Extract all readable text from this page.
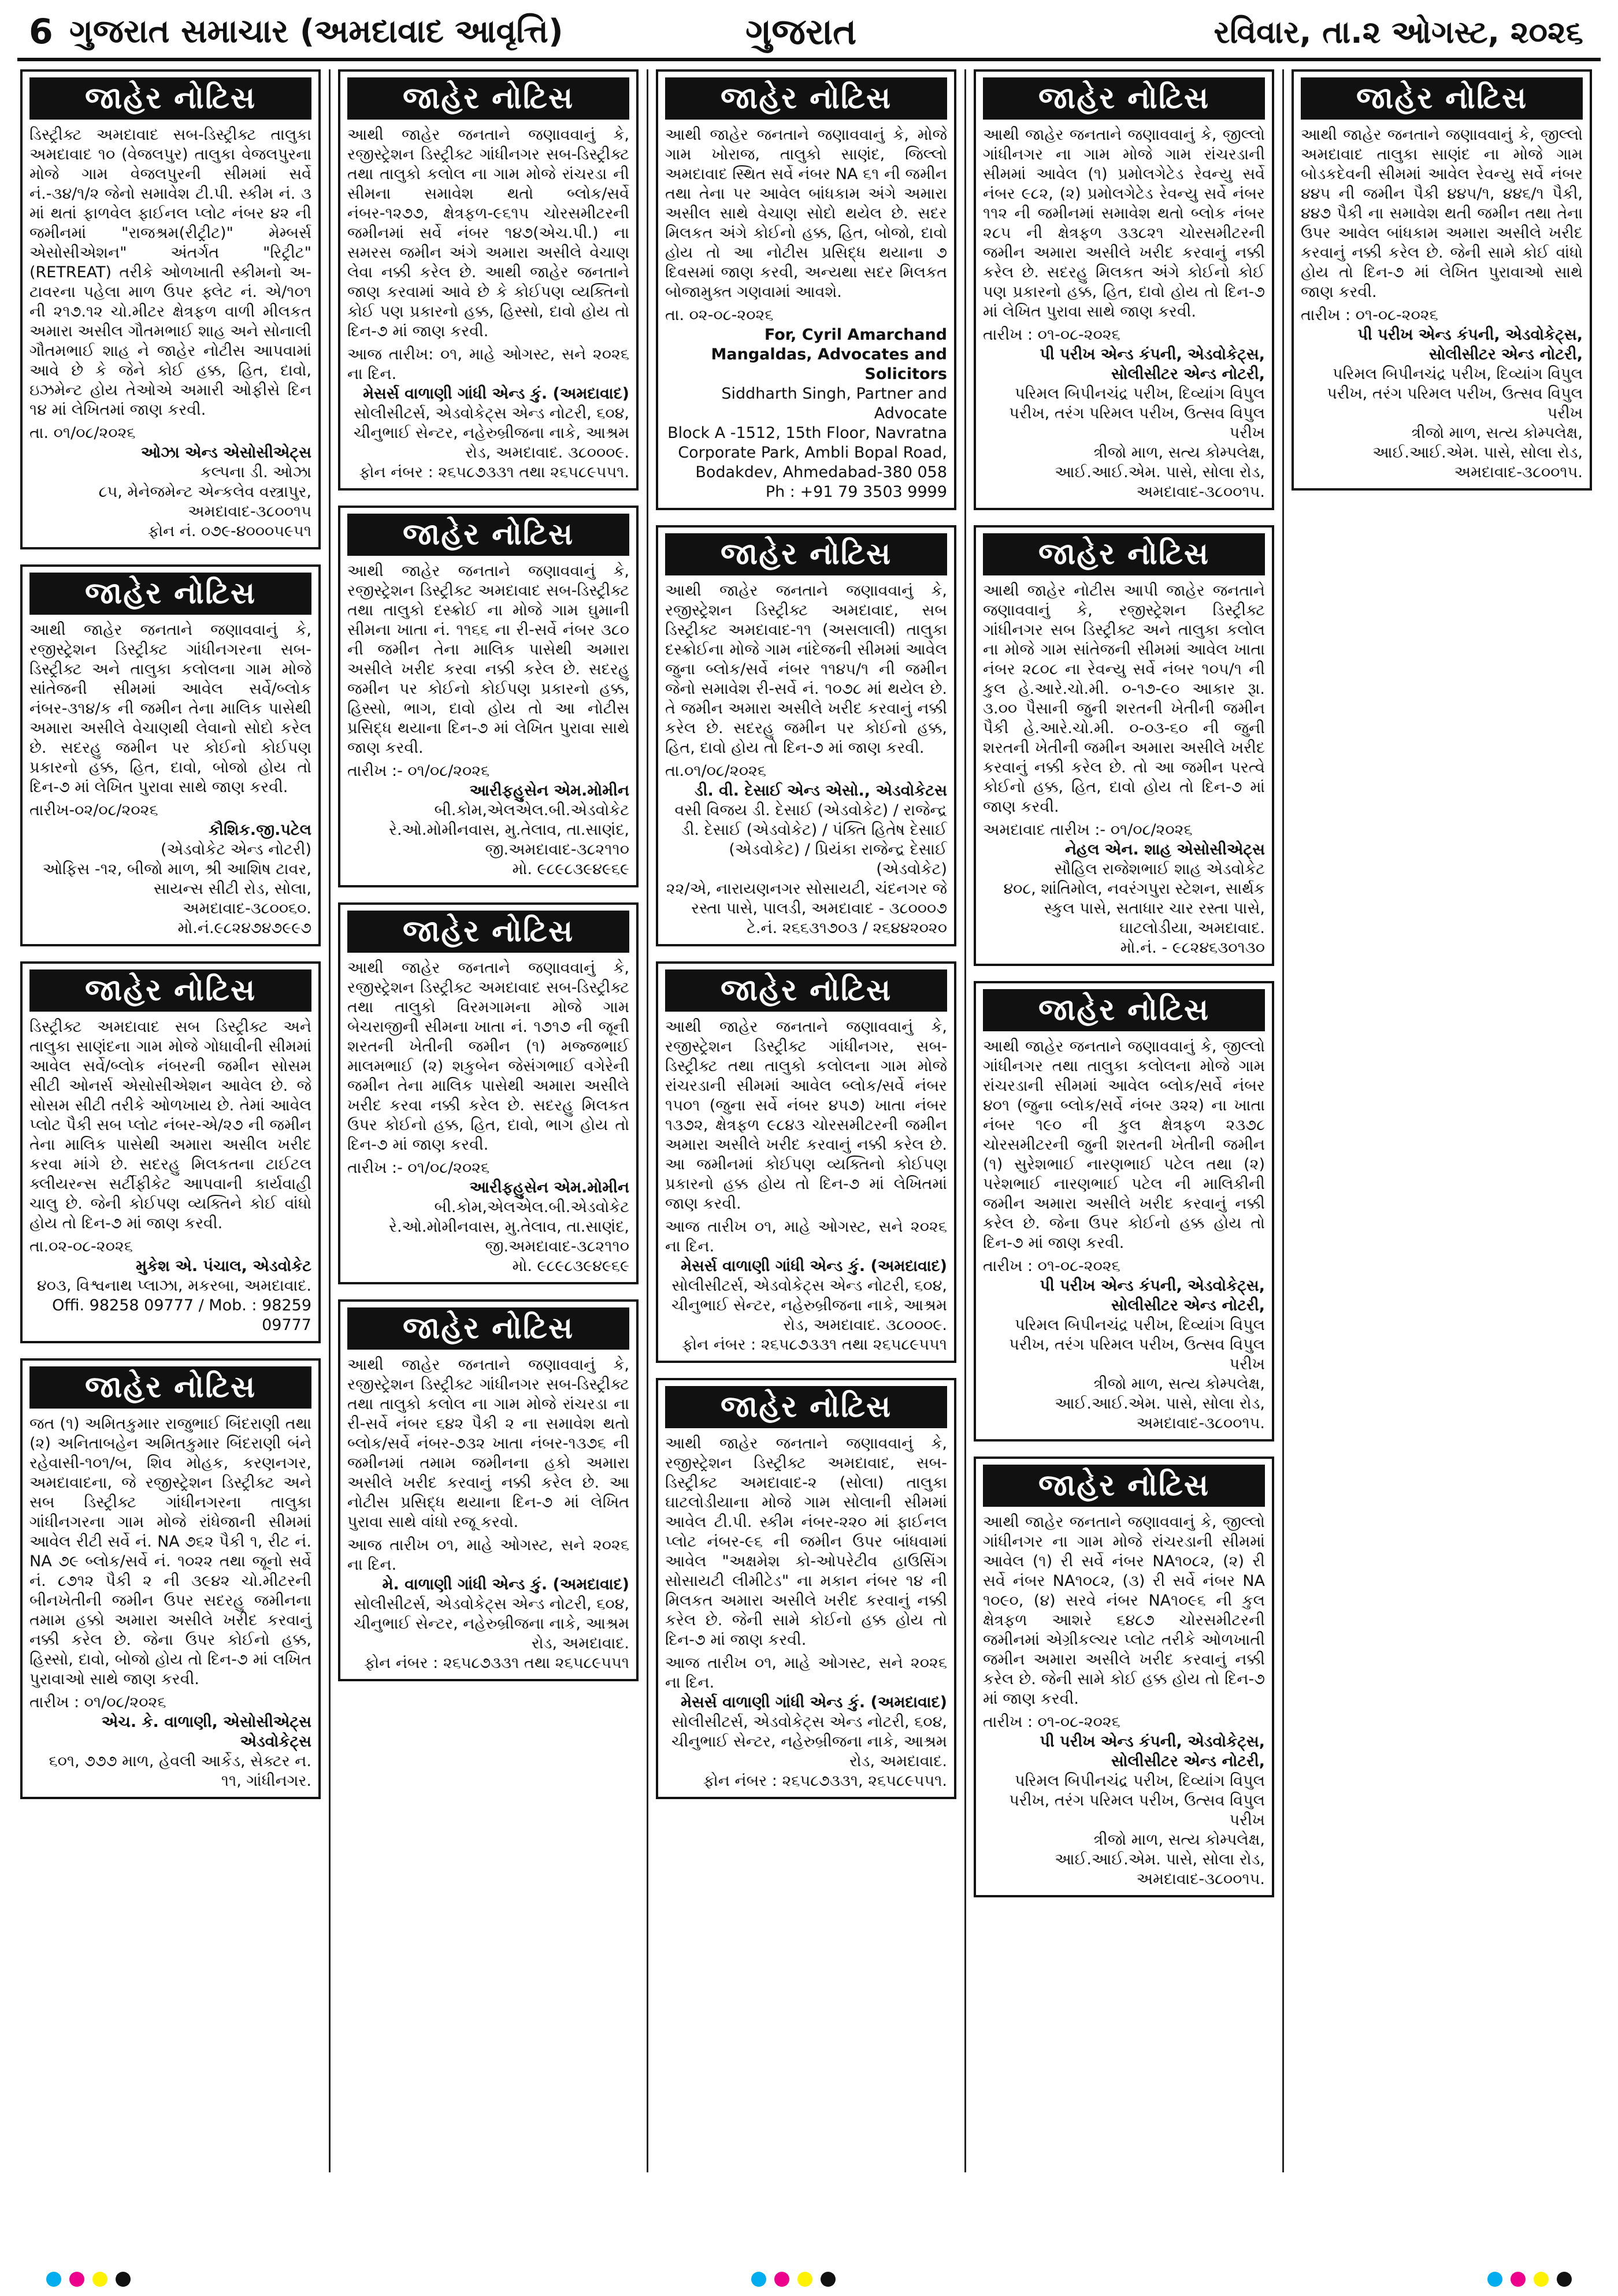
6 ગુજરાત સમાચાર (અમદાવાદ આવૃત્તિ)	ગુજરાત	રવિવાર, તા.૨ ઓગસ્ટ, ૨૦૨૬
જાહેર નોટિસ

ડિસ્ટ્રીક્ટ અમદાવાદ સબ-ડિસ્ટ્રીક્ટ તાલુકા અમદાવાદ ૧૦ (વેજલપુર) તાલુકા વેજલપુરના મોજે ગામ વેજલપુરની સીમમાં સર્વે નં.-૩૪/૧/૨ જેનો સમાવેશ ટી.પી. સ્કીમ નં. ૩ માં થતાં ફાળવેલ ફાઈનલ પ્લોટ નંબર ૪૨ ની જમીનમાં "રાજશ્રમ(રીટ્રીટ)" મેમ્બર્સ એસોસીએશન" અંતર્ગત "રિટ્રીટ" (RETREAT) તરીકે ઓળખાતી સ્કીમનો અ-ટાવરના પહેલા માળ ઉપર ફ્લેટ નં. એ/૧૦૧ ની ૨૧૭.૧૨ ચો.મીટર ક્ષેત્રફળ વાળી મીલકત અમારા અસીલ ગૌતમભાઈ શાહ અને સોનાલી ગૌતમભાઈ શાહ ને જાહેર નોટીસ આપવામાં આવે છે કે જેને કોઈ હક્ક, હિત, દાવો, ઇઝમેન્ટ હોય તેઓએ અમારી ઓફીસે દિન ૧૪ માં લેખિતમાં જાણ કરવી.

તા. ૦૧/૦૮/૨૦૨૬

ઓઝા એન્ડ એસોસીએટ્સ

કલ્પના ડી. ઓઝા

૮૫, મેનેજમેન્ટ એન્કલેવ વસ્ત્રાપુર, અમદાવાદ-૩૮૦૦૧૫

ફોન નં. ૦૭૯-૪૦૦૦૫૯૫૧

જાહેર નોટિસ

આથી જાહેર જનતાને જણાવવાનું કે, રજીસ્ટ્રેશન ડિસ્ટ્રીક્ટ ગાંધીનગરના સબ-ડિસ્ટ્રીક્ટ અને તાલુકા કલોલના ગામ મોજે સાંતેજની સીમમાં આવેલ સર્વે/બ્લોક નંબર-૩૧૪/ક ની જમીન તેના માલિક પાસેથી અમારા અસીલે વેચાણથી લેવાનો સોદો કરેલ છે. સદરહુ જમીન પર કોઈનો કોઈપણ પ્રકારનો હક્ક, હિત, દાવો, બોજો હોય તો દિન-૭ માં લેખિત પુરાવા સાથે જાણ કરવી.

તારીખ-૦૨/૦૮/૨૦૨૬

કૌશિક.જી.પટેલ

(એડવોકેટ એન્ડ નોટરી)

ઓફિસ -૧૨, બીજો માળ, શ્રી આશિષ ટાવર, સાયન્સ સીટી રોડ, સોલા, અમદાવાદ-૩૮૦૦૬૦.

મો.નં.૯૮૨૪૭૪૭૯૯૭

જાહેર નોટિસ

ડિસ્ટ્રીક્ટ અમદાવાદ સબ ડિસ્ટ્રીક્ટ અને તાલુકા સાણંદના ગામ મોજે ગોધાવીની સીમમાં આવેલ સર્વે/બ્લોક નંબરની જમીન સોસમ સીટી ઓનર્સ એસોસીએશન આવેલ છે. જે સોસમ સીટી તરીકે ઓળખાય છે. તેમાં આવેલ પ્લોટ પૈકી સબ પ્લોટ નંબર-એ/૨૭ ની જમીન તેના માલિક પાસેથી અમારા અસીલ ખરીદ કરવા માંગે છે. સદરહુ મિલકતના ટાઈટલ ક્લીયરન્સ સર્ટીફીકેટ આપવાની કાર્યવાહી ચાલુ છે. જેની કોઈપણ વ્યક્તિને કોઈ વાંધો હોય તો દિન-૭ માં જાણ કરવી.

તા.૦૨-૦૮-૨૦૨૬

મુકેશ એ. પંચાલ, એડવોકેટ

૪૦૩, વિશ્વનાથ પ્લાઝા, મકરબા, અમદાવાદ.

Offi. 98258 09777 / Mob. : 98259 09777

જાહેર નોટિસ

જત (૧) અમિતકુમાર રાજુભાઈ બિંદરાણી તથા (૨) અનિતાબહેન અમિતકુમાર બિંદરાણી બંને રહેવાસી-૧૦૧/બ, શિવ મોહક, કરણનગર, અમદાવાદના, જે રજીસ્ટ્રેશન ડિસ્ટ્રીક્ટ અને સબ ડિસ્ટ્રીક્ટ ગાંધીનગરના તાલુકા ગાંધીનગરના ગામ મોજે રાંધેજાની સીમમાં આવેલ રીટી સર્વે નં. NA ૭૬૨ પૈકી ૧, રીટ નં. NA ૭૯ બ્લોક/સર્વે નં. ૧૦૨૨ તથા જૂનો સર્વે નં. ૮૭૧૨ પૈકી ૨ ની ૩૯૪૨ ચો.મીટરની બીનખેતીની જમીન ઉપર સદરહુ જમીનના તમામ હક્કો અમારા અસીલે ખરીદ કરવાનું નક્કી કરેલ છે. જેના ઉપર કોઈનો હક્ક, હિસ્સો, દાવો, બોજો હોય તો દિન-૭ માં લખિત પુરાવાઓ સાથે જાણ કરવી.

તારીખ : ૦૧/૦૮/૨૦૨૬

એચ. કે. વાળાણી, એસોસીએટ્સ એડવોકેટ્સ

૬૦૧, ૭૭૭ માળ, હેવલી આર્કેડ, સેક્ટર ન. ૧૧, ગાંધીનગર.

જાહેર નોટિસ

આથી જાહેર જનતાને જણાવવાનું કે, રજીસ્ટ્રેશન ડિસ્ટ્રીક્ટ ગાંધીનગર સબ-ડિસ્ટ્રીક્ટ તથા તાલુકો કલોલ ના ગામ મોજે રાંચરડા ની સીમના સમાવેશ થતો બ્લોક/સર્વે નંબર-૧૨૭૭, ક્ષેત્રફળ-૯૬૧૫ ચોરસમીટરની જમીનમાં સર્વે નંબર ૧૪૭(એચ.પી.) ના સમરસ જમીન અંગે અમારા અસીલે વેચાણ લેવા નક્કી કરેલ છે. આથી જાહેર જનતાને જાણ કરવામાં આવે છે કે કોઈપણ વ્યક્તિનો કોઈ પણ પ્રકારનો હક્ક, હિસ્સો, દાવો હોય તો દિન-૭ માં જાણ કરવી.

આજ તારીખ: ૦૧, માહે ઓગસ્ટ, સને ૨૦૨૬ ના દિન.

મેસર્સ વાળાણી ગાંધી એન્ડ કું. (અમદાવાદ)

સોલીસીટર્સ, એડવોકેટ્સ એન્ડ નોટરી, ૬૦૪, ચીનુભાઈ સેન્ટર, નહેરુબ્રીજના નાકે, આશ્રમ રોડ, અમદાવાદ. ૩૮૦૦૦૯.

ફોન નંબર : ૨૬૫૮૭૩૩૧ તથા ૨૬૫૮૯૫૫૧.

જાહેર નોટિસ

આથી જાહેર જનતાને જણાવવાનું કે, રજીસ્ટ્રેશન ડિસ્ટ્રીક્ટ અમદાવાદ સબ-ડિસ્ટ્રીક્ટ તથા તાલુકો દસ્ક્રોઈ ના મોજે ગામ ઘુમાની સીમના ખાતા નં. ૧૧૬૬ ના રી-સર્વે નંબર ૩૮૦ ની જમીન તેના માલિક પાસેથી અમારા અસીલે ખરીદ કરવા નક્કી કરેલ છે. સદરહુ જમીન પર કોઈનો કોઈપણ પ્રકારનો હક્ક, હિસ્સો, ભાગ, દાવો હોય તો આ નોટીસ પ્રસિદ્ધ થયાના દિન-૭ માં લેખિત પુરાવા સાથે જાણ કરવી.

તારીખ :- ૦૧/૦૮/૨૦૨૬

આરીફહુસેન એમ.મોમીન

બી.કોમ,એલએલ.બી.એડવોકેટ

રે.ઓ.મોમીનવાસ, મુ.તેલાવ, તા.સાણંદ, જી.અમદાવાદ-૩૮૨૧૧૦

મો. ૯૮૯૮૩૯૪૯૬૯

જાહેર નોટિસ

આથી જાહેર જનતાને જણાવવાનું કે, રજીસ્ટ્રેશન ડિસ્ટ્રીક્ટ અમદાવાદ સબ-ડિસ્ટ્રીક્ટ તથા તાલુકો વિરમગામના મોજે ગામ બેચરાજીની સીમના ખાતા નં. ૧૭૧૭ ની જૂની શરતની ખેતીની જમીન (૧) મજ્જભાઈ માલમભાઈ (૨) શકુબેન જેસંગભાઈ વગેરેની જમીન તેના માલિક પાસેથી અમારા અસીલે ખરીદ કરવા નક્કી કરેલ છે. સદરહુ મિલકત ઉપર કોઈનો હક્ક, હિત, દાવો, ભાગ હોય તો દિન-૭ માં જાણ કરવી.

તારીખ :- ૦૧/૦૮/૨૦૨૬

આરીફહુસેન એમ.મોમીન

બી.કોમ,એલએલ.બી.એડવોકેટ

રે.ઓ.મોમીનવાસ, મુ.તેલાવ, તા.સાણંદ, જી.અમદાવાદ-૩૮૨૧૧૦

મો. ૯૮૯૮૩૯૪૯૬૯

જાહેર નોટિસ

આથી જાહેર જનતાને જણાવવાનું કે, રજીસ્ટ્રેશન ડિસ્ટ્રીક્ટ ગાંધીનગર સબ-ડિસ્ટ્રીક્ટ તથા તાલુકો કલોલ ના ગામ મોજે રાંચરડા ના રી-સર્વે નંબર ૬૪૨ પૈકી ૨ ના સમાવેશ થતો બ્લોક/સર્વે નંબર-૭૩૨ ખાતા નંબર-૧૩૭૬ ની જમીનમાં તમામ જમીનના હકો અમારા અસીલે ખરીદ કરવાનું નક્કી કરેલ છે. આ નોટીસ પ્રસિદ્ધ થયાના દિન-૭ માં લેખિત પુરાવા સાથે વાંધો રજૂ કરવો.

આજ તારીખ ૦૧, માહે ઓગસ્ટ, સને ૨૦૨૬ ના દિન.

મે. વાળાણી ગાંધી એન્ડ કું. (અમદાવાદ)

સોલીસીટર્સ, એડવોકેટ્સ એન્ડ નોટરી, ૬૦૪, ચીનુભાઈ સેન્ટર, નહેરુબ્રીજના નાકે, આશ્રમ રોડ, અમદાવાદ.

ફોન નંબર : ૨૬૫૮૭૩૩૧ તથા ૨૬૫૮૯૫૫૧

જાહેર નોટિસ

આથી જાહેર જનતાને જણાવવાનું કે, મોજે ગામ ખોરાજ, તાલુકો સાણંદ, જિલ્લો અમદાવાદ સ્થિત સર્વે નંબર NA ૬૧ ની જમીન તથા તેના પર આવેલ બાંધકામ અંગે અમારા અસીલ સાથે વેચાણ સોદો થયેલ છે. સદર મિલકત અંગે કોઈનો હક્ક, હિત, બોજો, દાવો હોય તો આ નોટીસ પ્રસિદ્ધ થયાના ૭ દિવસમાં જાણ કરવી, અન્યથા સદર મિલકત બોજામુક્ત ગણવામાં આવશે.

તા. ૦૨-૦૮-૨૦૨૬

For, Cyril Amarchand Mangaldas, Advocates and Solicitors

Siddharth Singh, Partner and Advocate

Block A -1512, 15th Floor, Navratna Corporate Park, Ambli Bopal Road, Bodakdev, Ahmedabad-380 058

Ph : +91 79 3503 9999

જાહેર નોટિસ

આથી જાહેર જનતાને જણાવવાનું કે, રજીસ્ટ્રેશન ડિસ્ટ્રીક્ટ અમદાવાદ, સબ ડિસ્ટ્રીક્ટ અમદાવાદ-૧૧ (અસલાલી) તાલુકા દસ્ક્રોઈના મોજે ગામ નાંદેજની સીમમાં આવેલ જુના બ્લોક/સર્વે નંબર ૧૧૪૫/૧ ની જમીન જેનો સમાવેશ રી-સર્વે નં. ૧૦૭૮ માં થયેલ છે. તે જમીન અમારા અસીલે ખરીદ કરવાનું નક્કી કરેલ છે. સદરહુ જમીન પર કોઈનો હક્ક, હિત, દાવો હોય તો દિન-૭ માં જાણ કરવી.

તા.૦૧/૦૮/૨૦૨૬

ડી. વી. દેસાઈ એન્ડ એસો., એડવોકેટસ

વસી વિજય ડી. દેસાઈ (એડવોકેટ) / રાજેન્દ્ર ડી. દેસાઈ (એડવોકેટ) / પંક્તિ હિતેષ દેસાઈ (એડવોકેટ) / પ્રિયંકા રાજેન્દ્ર દેસાઈ (એડવોકેટ)

૨૨/એ, નારાયણનગર સોસાયટી, ચંદનગર જે રસ્તા પાસે, પાલડી, અમદાવાદ - ૩૮૦૦૦૭

ટે.નં. ૨૬૬૩૧૭૦૩ / ૨૬૪૪૨૦૨૦

જાહેર નોટિસ

આથી જાહેર જનતાને જણાવવાનું કે, રજીસ્ટ્રેશન ડિસ્ટ્રીક્ટ ગાંધીનગર, સબ-ડિસ્ટ્રીક્ટ તથા તાલુકો કલોલના ગામ મોજે રાંચરડાની સીમમાં આવેલ બ્લોક/સર્વે નંબર ૧૫૦૧ (જુના સર્વે નંબર ૪૫૭) ખાતા નંબર ૧૩૭૨, ક્ષેત્રફળ ૯૮૪૩ ચોરસમીટરની જમીન અમારા અસીલે ખરીદ કરવાનું નક્કી કરેલ છે. આ જમીનમાં કોઈપણ વ્યક્તિનો કોઈપણ પ્રકારનો હક્ક હોય તો દિન-૭ માં લેખિતમાં જાણ કરવી.

આજ તારીખ ૦૧, માહે ઓગસ્ટ, સને ૨૦૨૬ ના દિન.

મેસર્સ વાળાણી ગાંધી એન્ડ કું. (અમદાવાદ)

સોલીસીટર્સ, એડવોકેટ્સ એન્ડ નોટરી, ૬૦૪, ચીનુભાઈ સેન્ટર, નહેરુબ્રીજના નાકે, આશ્રમ રોડ, અમદાવાદ. ૩૮૦૦૦૯.

ફોન નંબર : ૨૬૫૮૭૩૩૧ તથા ૨૬૫૮૯૫૫૧

જાહેર નોટિસ

આથી જાહેર જનતાને જણાવવાનું કે, રજીસ્ટ્રેશન ડિસ્ટ્રીક્ટ અમદાવાદ, સબ-ડિસ્ટ્રીક્ટ અમદાવાદ-૨ (સોલા) તાલુકા ઘાટલોડીયાના મોજે ગામ સોલાની સીમમાં આવેલ ટી.પી. સ્કીમ નંબર-૨૨૦ માં ફાઈનલ પ્લોટ નંબર-૯૬ ની જમીન ઉપર બાંધવામાં આવેલ "અક્ષમેશ કો-ઓપરેટીવ હાઉસિંગ સોસાયટી લીમીટેડ" ના મકાન નંબર ૧૪ ની મિલકત અમારા અસીલે ખરીદ કરવાનું નક્કી કરેલ છે. જેની સામે કોઈનો હક્ક હોય તો દિન-૭ માં જાણ કરવી.

આજ તારીખ ૦૧, માહે ઓગસ્ટ, સને ૨૦૨૬ ના દિન.

મેસર્સ વાળાણી ગાંધી એન્ડ કું. (અમદાવાદ)

સોલીસીટર્સ, એડવોકેટ્સ એન્ડ નોટરી, ૬૦૪, ચીનુભાઈ સેન્ટર, નહેરુબ્રીજના નાકે, આશ્રમ રોડ, અમદાવાદ.

ફોન નંબર : ૨૬૫૮૭૩૩૧, ૨૬૫૮૯૫૫૧.

જાહેર નોટિસ

આથી જાહેર જનતાને જણાવવાનું કે, જીલ્લો ગાંધીનગર ના ગામ મોજે ગામ રાંચરડાની સીમમાં આવેલ (૧) પ્રમોલગેટેડ રેવન્યુ સર્વે નંબર ૯૮૨, (૨) પ્રમોલગેટેડ રેવન્યુ સર્વે નંબર ૧૧૨ ની જમીનમાં સમાવેશ થતો બ્લોક નંબર ૨૮૫ ની ક્ષેત્રફળ ૩૩૮૨૧ ચોરસમીટરની જમીન અમારા અસીલે ખરીદ કરવાનું નક્કી કરેલ છે. સદરહુ મિલકત અંગે કોઈનો કોઈ પણ પ્રકારનો હક્ક, હિત, દાવો હોય તો દિન-૭ માં લેખિત પુરાવા સાથે જાણ કરવી.

તારીખ : ૦૧-૦૮-૨૦૨૬

પી પરીખ એન્ડ કંપની, એડવોકેટ્સ, સોલીસીટર એન્ડ નોટરી,

પરિમલ બિપીનચંદ્ર પરીખ, દિવ્યાંગ વિપુલ પરીખ, તરંગ પરિમલ પરીખ, ઉત્સવ વિપુલ પરીખ

ત્રીજો માળ, સત્ય કોમ્પલેક્ષ, આઈ.આઈ.એમ. પાસે, સોલા રોડ, અમદાવાદ-૩૮૦૦૧૫.

જાહેર નોટિસ

આથી જાહેર નોટીસ આપી જાહેર જનતાને જણાવવાનું કે, રજીસ્ટ્રેશન ડિસ્ટ્રીક્ટ ગાંધીનગર સબ ડિસ્ટ્રીક્ટ અને તાલુકા કલોલ ના મોજે ગામ સાંતેજની સીમમાં આવેલ ખાતા નંબર ૨૮૦૮ ના રેવન્યુ સર્વે નંબર ૧૦૫/૧ ની કુલ હે.આરે.ચો.મી. ૦-૧૭-૯૦ આકાર રૂા. ૩.૦૦ પૈસાની જુની શરતની ખેતીની જમીન પૈકી હે.આરે.ચો.મી. ૦-૦૩-૬૦ ની જુની શરતની ખેતીની જમીન અમારા અસીલે ખરીદ કરવાનું નક્કી કરેલ છે. તો આ જમીન પરત્વે કોઈનો હક્ક, હિત, દાવો હોય તો દિન-૭ માં જાણ કરવી.

અમદાવાદ તારીખ :- ૦૧/૦૮/૨૦૨૬

નેહલ એન. શાહ એસોસીએટ્સ

સૌહિલ રાજેશભાઈ શાહ એડવોકેટ

૪૦૮, શાંતિમોલ, નવરંગપુરા સ્ટેશન, સાર્થક સ્કુલ પાસે, સતાધાર ચાર રસ્તા પાસે, ઘાટલોડીયા, અમદાવાદ.

મો.નં. - ૯૮૨૪૬૩૦૧૩૦

જાહેર નોટિસ

આથી જાહેર જનતાને જણાવવાનું કે, જીલ્લો ગાંધીનગર તથા તાલુકા કલોલના મોજે ગામ રાંચરડાની સીમમાં આવેલ બ્લોક/સર્વે નંબર ૪૦૧ (જુના બ્લોક/સર્વે નંબર ૩૨૨) ના ખાતા નંબર ૧૯૦ ની કુલ ક્ષેત્રફળ ૨૩૭૮ ચોરસમીટરની જુની શરતની ખેતીની જમીન (૧) સુરેશભાઈ નારણભાઈ પટેલ તથા (૨) પરેશભાઈ નારણભાઈ પટેલ ની માલિકીની જમીન અમારા અસીલે ખરીદ કરવાનું નક્કી કરેલ છે. જેના ઉપર કોઈનો હક્ક હોય તો દિન-૭ માં જાણ કરવી.

તારીખ : ૦૧-૦૮-૨૦૨૬

પી પરીખ એન્ડ કંપની, એડવોકેટ્સ, સોલીસીટર એન્ડ નોટરી,

પરિમલ બિપીનચંદ્ર પરીખ, દિવ્યાંગ વિપુલ પરીખ, તરંગ પરિમલ પરીખ, ઉત્સવ વિપુલ પરીખ

ત્રીજો માળ, સત્ય કોમ્પલેક્ષ, આઈ.આઈ.એમ. પાસે, સોલા રોડ, અમદાવાદ-૩૮૦૦૧૫.

જાહેર નોટિસ

આથી જાહેર જનતાને જણાવવાનું કે, જીલ્લો ગાંધીનગર ના ગામ મોજે રાંચરડાની સીમમાં આવેલ (૧) રી સર્વે નંબર NA૧૦૮૨, (૨) રી સર્વે નંબર NA૧૦૮૨, (૩) રી સર્વે નંબર NA ૧૦૯૦, (૪) સરવે નંબર NA૧૦૯૬ ની કુલ ક્ષેત્રફળ આશરે ૬૪૮૭ ચોરસમીટરની જમીનમાં એગ્રીકલ્ચર પ્લોટ તરીકે ઓળખાતી જમીન અમારા અસીલે ખરીદ કરવાનું નક્કી કરેલ છે. જેની સામે કોઈ હક્ક હોય તો દિન-૭ માં જાણ કરવી.

તારીખ : ૦૧-૦૮-૨૦૨૬

પી પરીખ એન્ડ કંપની, એડવોકેટ્સ, સોલીસીટર એન્ડ નોટરી,

પરિમલ બિપીનચંદ્ર પરીખ, દિવ્યાંગ વિપુલ પરીખ, તરંગ પરિમલ પરીખ, ઉત્સવ વિપુલ પરીખ

ત્રીજો માળ, સત્ય કોમ્પલેક્ષ, આઈ.આઈ.એમ. પાસે, સોલા રોડ, અમદાવાદ-૩૮૦૦૧૫.

જાહેર નોટિસ

આથી જાહેર જનતાને જણાવવાનું કે, જીલ્લો અમદાવાદ તાલુકા સાણંદ ના મોજે ગામ બોડકદેવની સીમમાં આવેલ રેવન્યુ સર્વે નંબર ૪૪૫ ની જમીન પૈકી ૪૪૫/૧, ૪૪૬/૧ પૈકી, ૪૪૭ પૈકી ના સમાવેશ થતી જમીન તથા તેના ઉપર આવેલ બાંધકામ અમારા અસીલે ખરીદ કરવાનું નક્કી કરેલ છે. જેની સામે કોઈ વાંધો હોય તો દિન-૭ માં લેખિત પુરાવાઓ સાથે જાણ કરવી.

તારીખ : ૦૧-૦૮-૨૦૨૬

પી પરીખ એન્ડ કંપની, એડવોકેટ્સ, સોલીસીટર એન્ડ નોટરી,

પરિમલ બિપીનચંદ્ર પરીખ, દિવ્યાંગ વિપુલ પરીખ, તરંગ પરિમલ પરીખ, ઉત્સવ વિપુલ પરીખ

ત્રીજો માળ, સત્ય કોમ્પલેક્ષ, આઈ.આઈ.એમ. પાસે, સોલા રોડ, અમદાવાદ-૩૮૦૦૧૫.
